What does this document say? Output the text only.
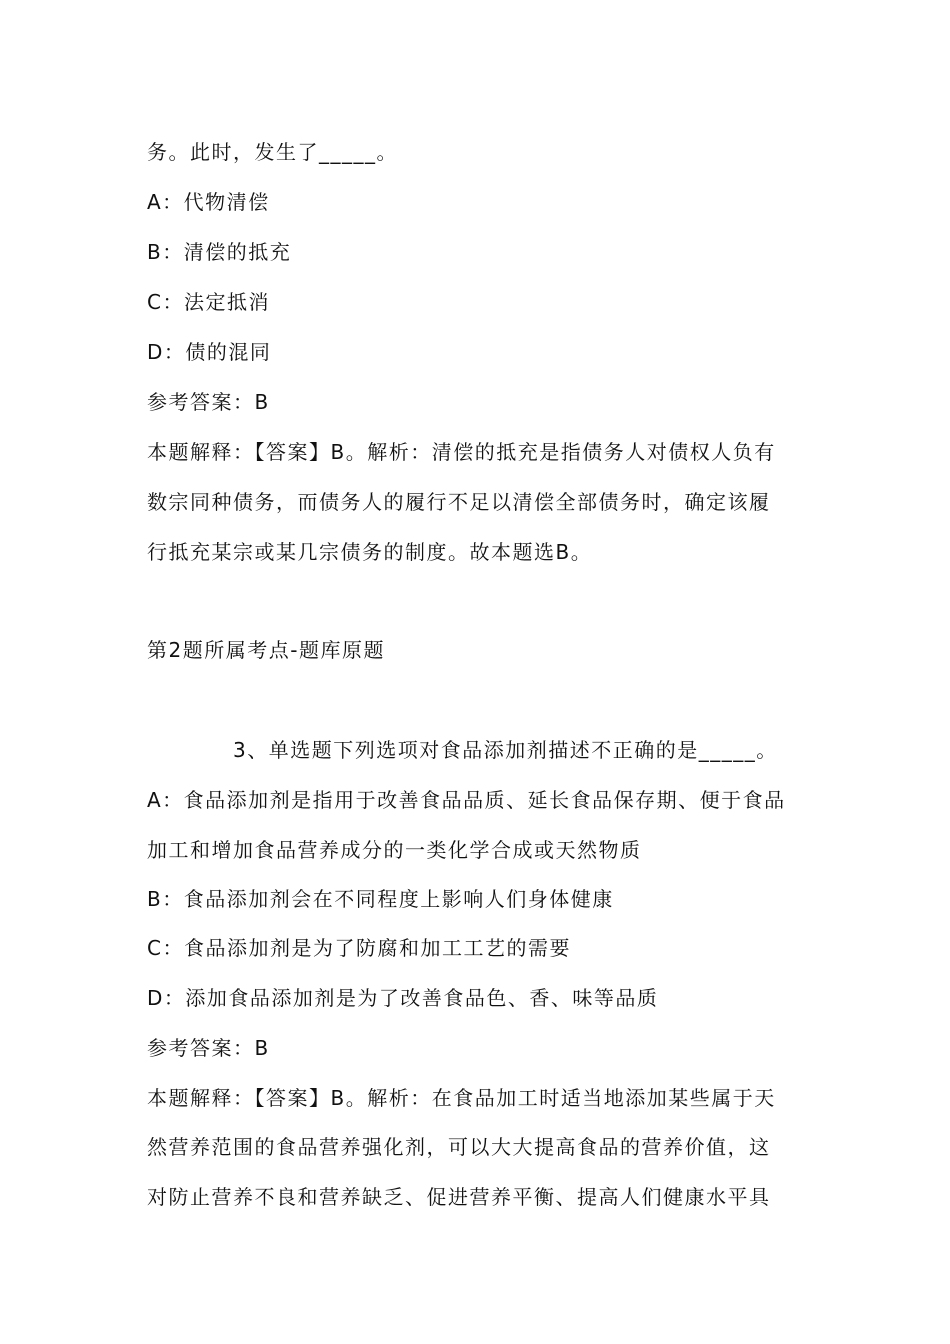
务。此时，发生了_____。
A：代物清偿
B：清偿的抵充
C：法定抵消
D：债的混同
参考答案：B
本题解释：【答案】B。解析：清偿的抵充是指债务人对债权人负有
数宗同种债务，而债务人的履行不足以清偿全部债务时，确定该履
行抵充某宗或某几宗债务的制度。故本题选B。
第2题所属考点-题库原题
3、单选题下列选项对食品添加剂描述不正确的是_____。
A：食品添加剂是指用于改善食品品质、延长食品保存期、便于食品
加工和增加食品营养成分的一类化学合成或天然物质
B：食品添加剂会在不同程度上影响人们身体健康
C：食品添加剂是为了防腐和加工工艺的需要
D：添加食品添加剂是为了改善食品色、香、味等品质
参考答案：B
本题解释：【答案】B。解析：在食品加工时适当地添加某些属于天
然营养范围的食品营养强化剂，可以大大提高食品的营养价值，这
对防止营养不良和营养缺乏、促进营养平衡、提高人们健康水平具
